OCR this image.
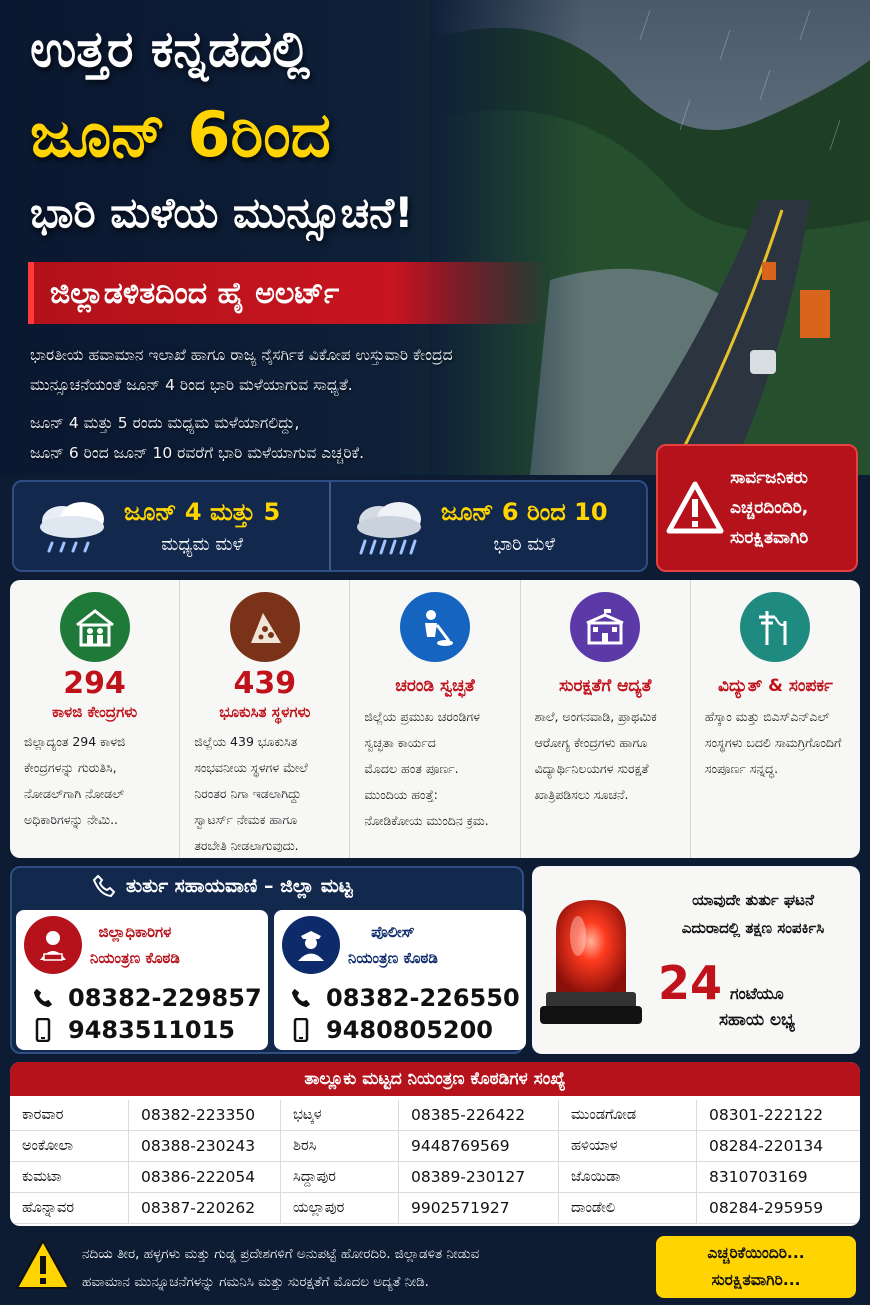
ಉತ್ತರ ಕನ್ನಡದಲ್ಲಿ
ಜೂನ್ 6ರಿಂದ
ಭಾರಿ ಮಳೆಯ ಮುನ್ಸೂಚನೆ!
ಜಿಲ್ಲಾಡಳಿತದಿಂದ ಹೈ ಅಲರ್ಟ್
ಭಾರತೀಯ ಹವಾಮಾನ ಇಲಾಖೆ ಹಾಗೂ ರಾಜ್ಯ ನೈಸರ್ಗಿಕ ವಿಕೋಪ ಉಸ್ತುವಾರಿ ಕೇಂದ್ರದ
ಮುನ್ಸೂಚನೆಯಂತೆ ಜೂನ್ 4 ರಿಂದ ಭಾರಿ ಮಳೆಯಾಗುವ ಸಾಧ್ಯತೆ.
ಜೂನ್ 4 ಮತ್ತು 5 ರಂದು ಮಧ್ಯಮ ಮಳೆಯಾಗಲಿದ್ದು,
ಜೂನ್ 6 ರಿಂದ ಜೂನ್ 10 ರವರೆಗೆ ಭಾರಿ ಮಳೆಯಾಗುವ ಎಚ್ಚರಿಕೆ.
ಜೂನ್ 4 ಮತ್ತು 5
ಮಧ್ಯಮ ಮಳೆ
ಜೂನ್ 6 ರಿಂದ 10
ಭಾರಿ ಮಳೆ
ಸಾರ್ವಜನಿಕರು
ಎಚ್ಚರದಿಂದಿರಿ,
ಸುರಕ್ಷಿತವಾಗಿರಿ
294
ಕಾಳಜಿ ಕೇಂದ್ರಗಳು
ಜಿಲ್ಲಾದ್ಯಂತ 294 ಕಾಳಜಿ
ಕೇಂದ್ರಗಳನ್ನು ಗುರುತಿಸಿ,
ನೋಡಲ್‌ಗಾಗಿ ನೋಡಲ್
ಅಧಿಕಾರಿಗಳನ್ನು ನೇಮಿ..
439
ಭೂಕುಸಿತ ಸ್ಥಳಗಳು
ಜಿಲ್ಲೆಯ 439 ಭೂಕುಸಿತ
ಸಂಭವನೀಯ ಸ್ಥಳಗಳ ಮೇಲೆ
ನಿರಂತರ ನಿಗಾ ಇಡಲಾಗಿದ್ದು
ಸ್ವಾಟರ್ಸ್ ನೇಮಕ ಹಾಗೂ
ತರಬೇತಿ ನೀಡಲಾಗುವುದು.
ಚರಂಡಿ ಸ್ವಚ್ಛತೆ
ಜಿಲ್ಲೆಯ ಪ್ರಮುಖ ಚರಂಡಿಗಳ
ಸ್ವಚ್ಛತಾ ಕಾರ್ಯದ
ಮೊದಲ ಹಂತ ಪೂರ್ಣ.
ಮುಂದಿಯ ಹಂತ್ತೆ:
ನೋಡಿಕೋಯ ಮುಂದಿನ ಕ್ರಮ.
ಸುರಕ್ಷತೆಗೆ ಆದ್ಯತೆ
ಶಾಲೆ, ಅಂಗನವಾಡಿ, ಪ್ರಾಥಮಿಕ
ಆರೋಗ್ಯ ಕೇಂದ್ರಗಳು ಹಾಗೂ
ವಿದ್ಯಾರ್ಥಿನಿಲಯಗಳ ಸುರಕ್ಷತೆ
ಖಾತ್ರಿಪಡಿಸಲು ಸೂಚನೆ.
ವಿದ್ಯುತ್ & ಸಂಪರ್ಕ
ಹೆಸ್ಕಾಂ ಮತ್ತು ಬಿಎಸ್‌ಎನ್‌ಎಲ್
ಸಂಸ್ಥಗಳು ಬದಲಿ ಸಾಮಗ್ರಿಗೊಂದಿಗೆ
ಸಂಪೂರ್ಣ ಸನ್ನದ್ಧ.
ತುರ್ತು ಸಹಾಯವಾಣಿ – ಜಿಲ್ಲಾ ಮಟ್ಟ
ಜಿಲ್ಲಾಧಿಕಾರಿಗಳ
ನಿಯಂತ್ರಣ ಕೊಠಡಿ
08382-229857
9483511015
ಪೊಲೀಸ್
ನಿಯಂತ್ರಣ ಕೊಠಡಿ
08382-226550
9480805200
ಯಾವುದೇ ತುರ್ತು ಘಟನೆ
ಎದುರಾದಲ್ಲಿ ತಕ್ಷಣ ಸಂಪರ್ಕಿಸಿ
24 ಗಂಟೆಯೂ
ಸಹಾಯ ಲಭ್ಯ
ತಾಲ್ಲೂಕು ಮಟ್ಟದ ನಿಯಂತ್ರಣ ಕೊಠಡಿಗಳ ಸಂಖ್ಯೆ
ಕಾರವಾರ	08382-223350	ಭಟ್ಕಳ	08385-226422	ಮುಂಡಗೋಡ	08301-222122
ಅಂಕೋಲಾ	08388-230243	ಶಿರಸಿ	9448769569	ಹಳಿಯಾಳ	08284-220134
ಕುಮಟಾ	08386-222054	ಸಿದ್ದಾಪುರ	08389-230127	ಜೊಯಿಡಾ	8310703169
ಹೊನ್ನಾವರ	08387-220262	ಯಲ್ಲಾಪುರ	9902571927	ದಾಂಡೇಲಿ	08284-295959
ನದಿಯ ತೀರ, ಹಳ್ಳಗಳು ಮತ್ತು ಗುಡ್ಡ ಪ್ರದೇಶಗಳಿಗೆ ಅನುಪಟ್ಟೆ ಹೋರದಿರಿ. ಜಿಲ್ಲಾಡಳಿತ ನೀಡುವ
ಹವಾಮಾನ ಮುನ್ನೂಚನೆಗಳನ್ನು ಗಮನಿಸಿ ಮತ್ತು ಸುರಕ್ಷತೆಗೆ ಮೊದಲ ಅದ್ಯತೆ ನೀಡಿ.
ಎಚ್ಚರಿಕೆಯಿಂದಿರಿ...
ಸುರಕ್ಷಿತವಾಗಿರಿ...
